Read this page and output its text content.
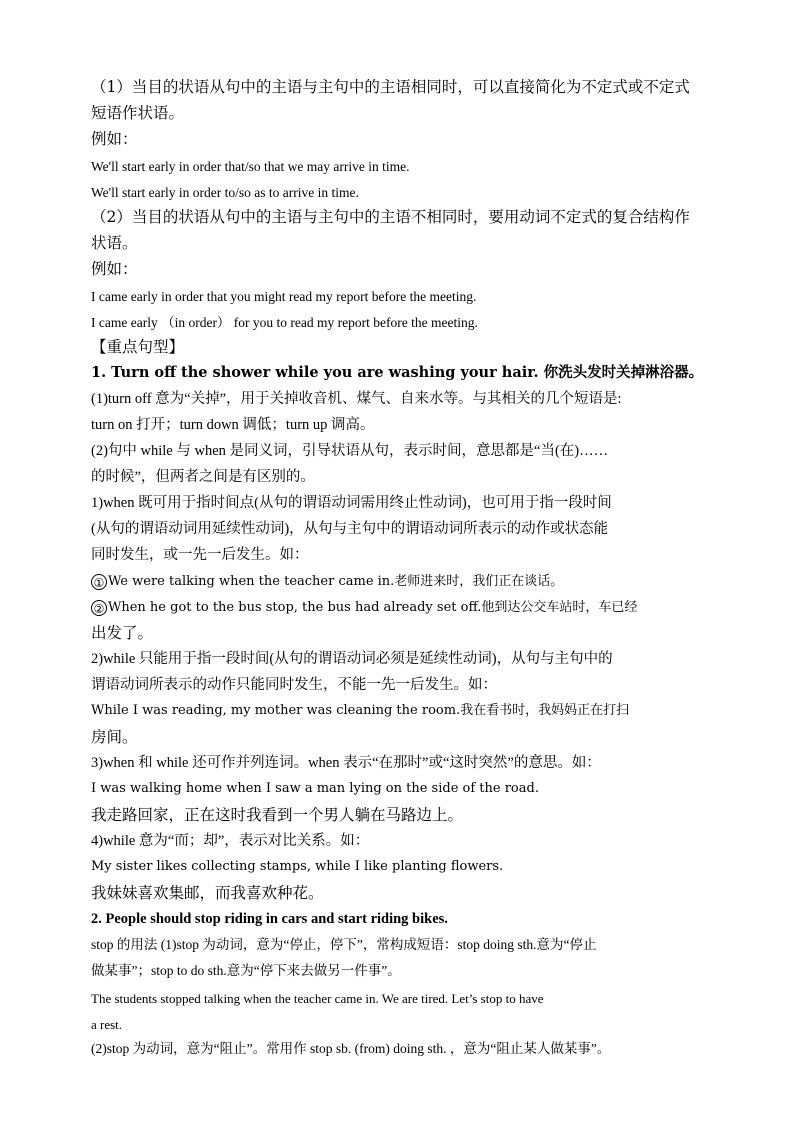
（1）当目的状语从句中的主语与主句中的主语相同时，可以直接简化为不定式或不定式
短语作状语。
例如：
We'll start early in order that/so that we may arrive in time.
We'll start early in order to/so as to arrive in time.
（2）当目的状语从句中的主语与主句中的主语不相同时，要用动词不定式的复合结构作
状语。
例如：
I came early in order that you might read my report before the meeting.
I came early （in order） for you to read my report before the meeting.
【重点句型】
1. Turn off the shower while you are washing your hair. 你洗头发时关掉淋浴器。
(1)turn off 意为“关掉”，用于关掉收音机、煤气、自来水等。与其相关的几个短语是:
turn on 打开；turn down 调低；turn up 调高。
(2)句中 while 与 when 是同义词，引导状语从句，表示时间，意思都是“当(在)……
的时候”，但两者之间是有区别的。
1)when 既可用于指时间点(从句的谓语动词需用终止性动词)，也可用于指一段时间
(从句的谓语动词用延续性动词)，从句与主句中的谓语动词所表示的动作或状态能
同时发生，或一先一后发生。如：
① We were talking when the teacher came in.老师进来时，我们正在谈话。
② When he got to the bus stop, the bus had already set off.他到达公交车站时，车已经
出发了。
2)while 只能用于指一段时间(从句的谓语动词必须是延续性动词)，从句与主句中的
谓语动词所表示的动作只能同时发生，不能一先一后发生。如：
While I was reading, my mother was cleaning the room.我在看书时，我妈妈正在打扫
房间。
3)when 和 while 还可作并列连词。when 表示“在那时”或“这时突然”的意思。如：
I was walking home when I saw a man lying on the side of the road.
我走路回家，正在这时我看到一个男人躺在马路边上。
4)while 意为“而；却”，表示对比关系。如：
My sister likes collecting stamps, while I like planting flowers.
我妹妹喜欢集邮，而我喜欢种花。
2. People should stop riding in cars and start riding bikes.
stop 的用法 (1)stop 为动词，意为“停止，停下”，常构成短语：stop doing sth.意为“停止
做某事”；stop to do sth.意为“停下来去做另一件事”。
The students stopped talking when the teacher came in. We are tired. Let’s stop to have
a rest.
(2)stop 为动词，意为“阻止”。常用作 stop sb. (from) doing sth. ，意为“阻止某人做某事”。
